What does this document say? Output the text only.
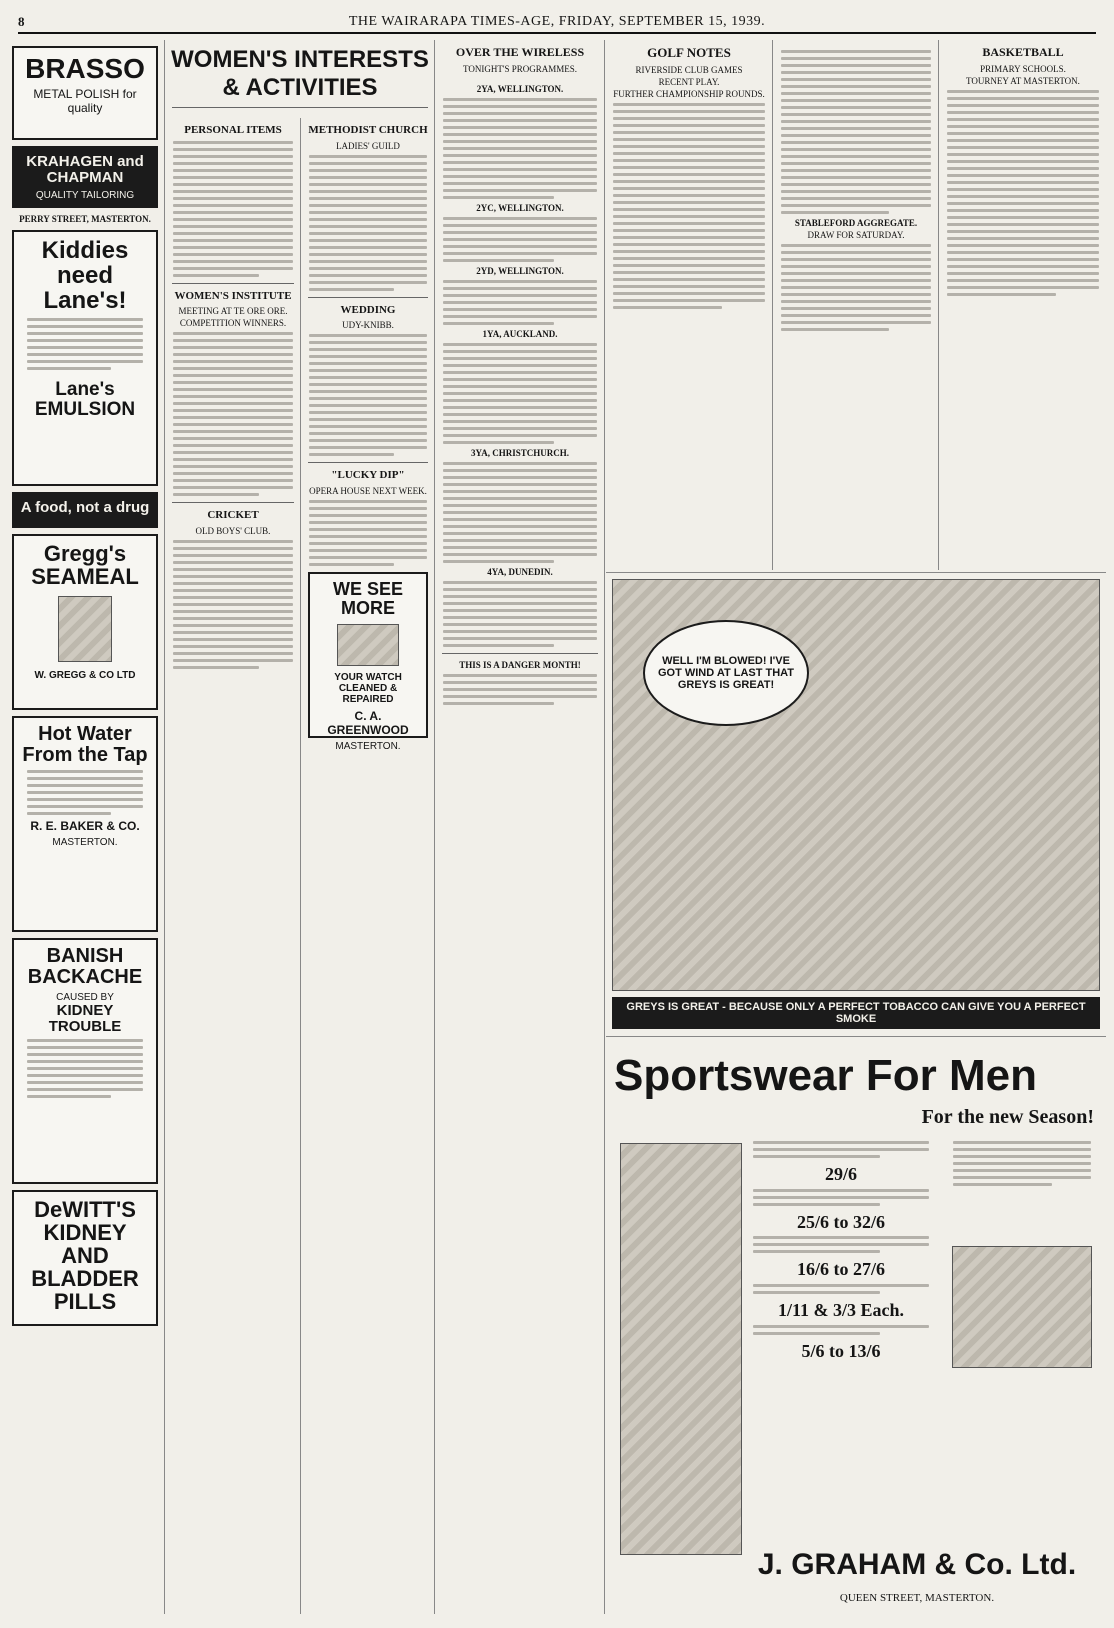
8	THE WAIRARAPA TIMES-AGE, FRIDAY, SEPTEMBER 15, 1939.
BRASSO
METAL POLISH for quality
KRAHAGEN and CHAPMAN
QUALITY TAILORING
PERRY STREET, MASTERTON.
Kiddies need Lane's!
Lane's EMULSION
A food, not a drug
Gregg's SEAMEAL
W. GREGG & CO LTD
Hot Water From the Tap
R. E. BAKER & CO.
MASTERTON.
BANISH BACKACHE
CAUSED BY
KIDNEY TROUBLE
DeWITT'S KIDNEY AND BLADDER PILLS
WOMEN'S INTERESTS & ACTIVITIES
PERSONAL ITEMS
WOMEN'S INSTITUTE
MEETING AT TE ORE ORE.
COMPETITION WINNERS.
CRICKET
OLD BOYS' CLUB.
METHODIST CHURCH
LADIES' GUILD
WEDDING
UDY-KNIBB.
"LUCKY DIP"
OPERA HOUSE NEXT WEEK.
WE SEE MORE
YOUR WATCH CLEANED & REPAIRED
C. A. GREENWOOD
MASTERTON.
OVER THE WIRELESS
TONIGHT'S PROGRAMMES.
2YA, WELLINGTON.
2YC, WELLINGTON.
2YD, WELLINGTON.
1YA, AUCKLAND.
3YA, CHRISTCHURCH.
4YA, DUNEDIN.
THIS IS A DANGER MONTH!
GOLF NOTES
RIVERSIDE CLUB GAMES
RECENT PLAY.
FURTHER CHAMPIONSHIP ROUNDS.
STABLEFORD AGGREGATE.
DRAW FOR SATURDAY.
BASKETBALL
PRIMARY SCHOOLS.
TOURNEY AT MASTERTON.
WELL I'M BLOWED! I'VE GOT WIND AT LAST THAT GREYS IS GREAT!
GREYS IS GREAT - BECAUSE ONLY A PERFECT TOBACCO CAN GIVE YOU A PERFECT SMOKE
Sportswear For Men
For the new Season!
29/6
25/6 to 32/6
16/6 to 27/6
1/11 & 3/3 Each.
5/6 to 13/6
J. GRAHAM & Co. Ltd.
QUEEN STREET, MASTERTON.
